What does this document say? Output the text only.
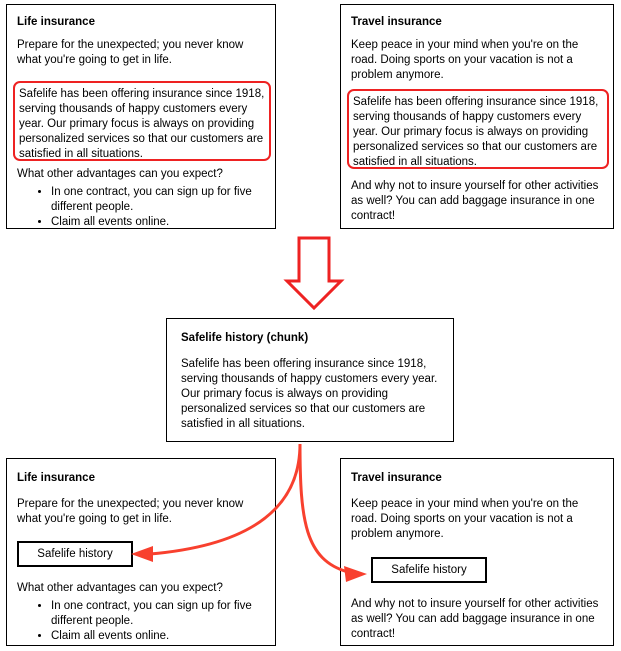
Life insurance
Prepare for the unexpected; you never know what you're going to get in life.
Safelife has been offering insurance since 1918, serving thousands of happy customers every year. Our primary focus is always on providing personalized services so that our customers are satisfied in all situations.
What other advantages can you expect?
• In one contract, you can sign up for five different people.
• Claim all events online.
Travel insurance
Keep peace in your mind when you're on the road. Doing sports on your vacation is not a problem anymore.
Safelife has been offering insurance since 1918, serving thousands of happy customers every year. Our primary focus is always on providing personalized services so that our customers are satisfied in all situations.
And why not to insure yourself for other activities as well? You can add baggage insurance in one contract!
Safelife history (chunk)
Safelife has been offering insurance since 1918, serving thousands of happy customers every year. Our primary focus is always on providing personalized services so that our customers are satisfied in all situations.
Life insurance
Prepare for the unexpected; you never know what you're going to get in life.
Safelife history
What other advantages can you expect?
• In one contract, you can sign up for five different people.
• Claim all events online.
Travel insurance
Keep peace in your mind when you're on the road. Doing sports on your vacation is not a problem anymore.
Safelife history
And why not to insure yourself for other activities as well? You can add baggage insurance in one contract!
